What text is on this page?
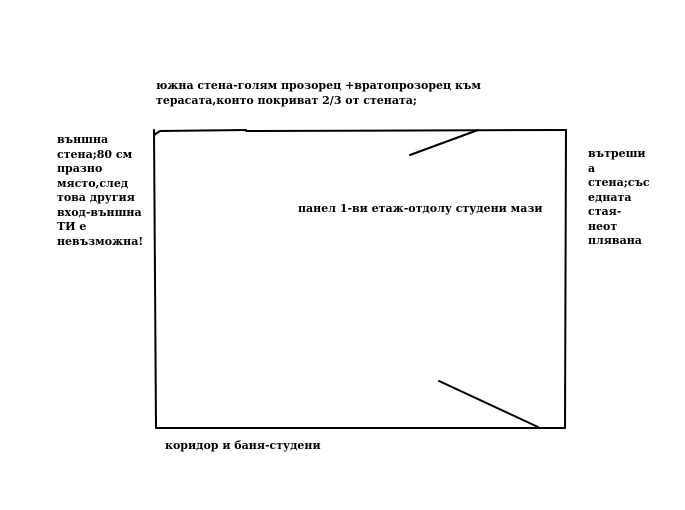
южна стена-голям прозорец +вратопрозорец към терасата,конто покриват 2/3 от стената;

външна стена;80 см празно място,след това другия вход-външна ТИ е невъзможна!

вътреши а стена;със едната стая-неот плявана

панел 1-ви етаж-отдолу студени мази

коридор и баня-студени
